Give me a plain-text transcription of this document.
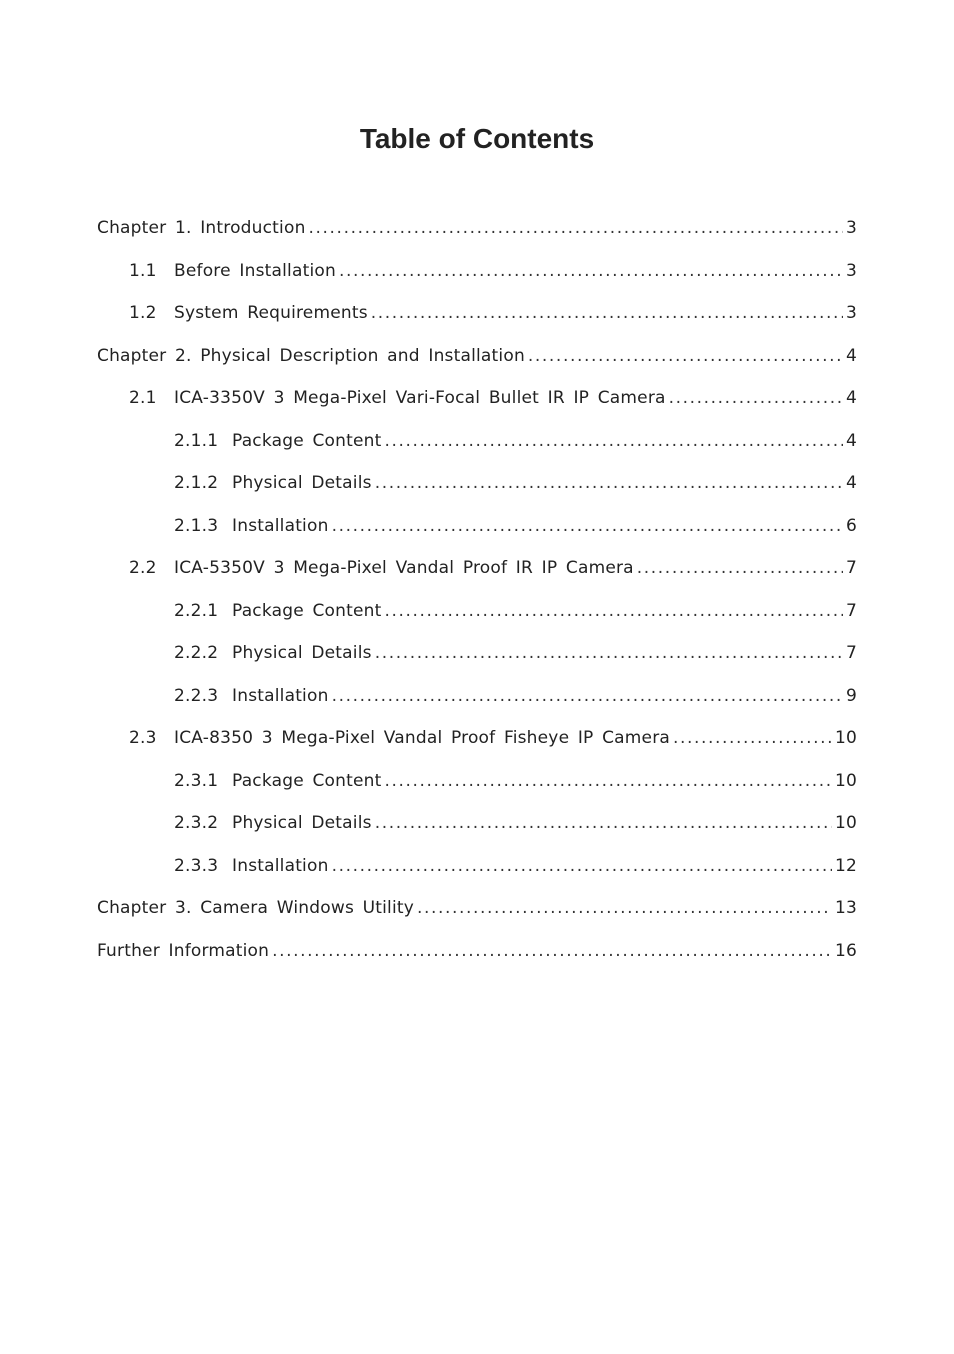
Table of Contents
Chapter 1. Introduction .....	3
1.1	Before Installation .....	3
1.2	System Requirements .....	3
Chapter 2. Physical Description and Installation .....	4
2.1	ICA-3350V 3 Mega-Pixel Vari-Focal Bullet IR IP Camera .....	4
2.1.1 Package Content .....	4
2.1.2 Physical Details .....	4
2.1.3 Installation .....	6
2.2	ICA-5350V 3 Mega-Pixel Vandal Proof IR IP Camera .....	7
2.2.1 Package Content .....	7
2.2.2 Physical Details .....	7
2.2.3 Installation .....	9
2.3	ICA-8350 3 Mega-Pixel Vandal Proof Fisheye IP Camera .....	10
2.3.1 Package Content .....	10
2.3.2 Physical Details .....	10
2.3.3 Installation .....	12
Chapter 3. Camera Windows Utility .....	13
Further Information .....	16
